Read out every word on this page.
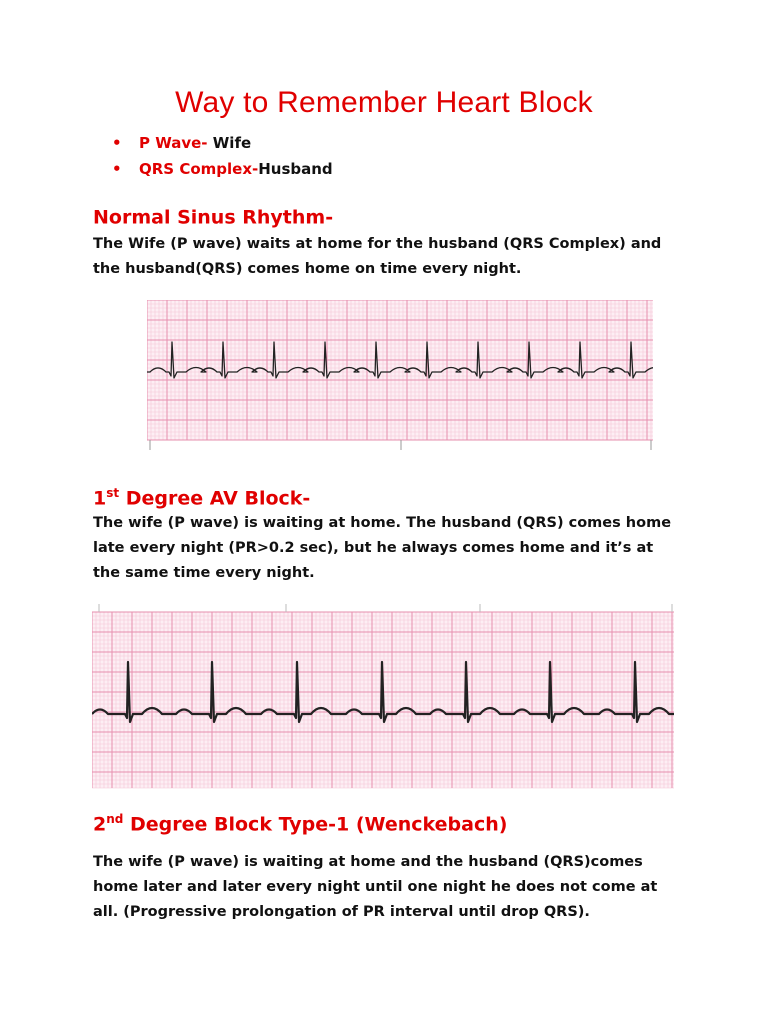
Way to Remember Heart Block
• P Wave- Wife
• QRS Complex-Husband
Normal Sinus Rhythm-

The Wife (P wave) waits at home for the husband (QRS Complex) and the husband(QRS) comes home on time every night.

1st Degree AV Block-

The wife (P wave) is waiting at home. The husband (QRS) comes home late every night (PR>0.2 sec), but he always comes home and it’s at the same time every night.

2nd Degree Block Type-1 (Wenckebach)

The wife (P wave) is waiting at home and the husband (QRS)comes home later and later every night until one night he does not come at all. (Progressive prolongation of PR interval until drop QRS).
